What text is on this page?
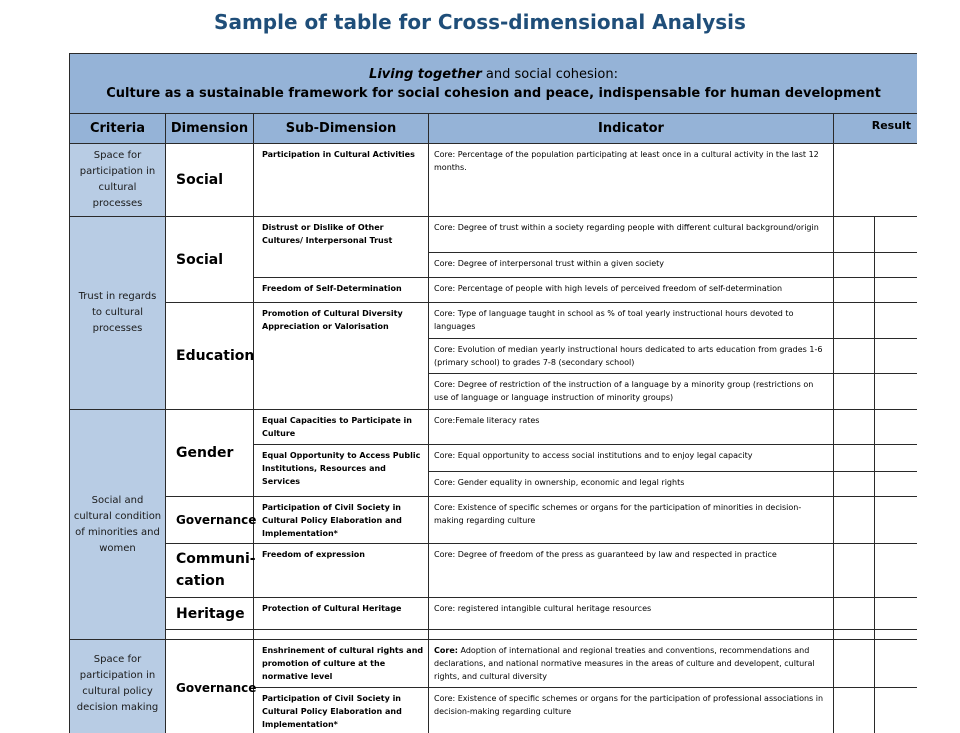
Sample of table for Cross-dimensional Analysis
Living together and social cohesion:
Culture as a sustainable framework for social cohesion and peace, indispensable for human development					
Criteria	Dimension	Sub-Dimension	Indicator	Result	
Space for participation in cultural processes	Social	Participation in Cultural Activities	Core: Percentage of the population participating at least once in a cultural activity in the last 12 months.		
Trust in regards to cultural processes	Social	Distrust or Dislike of Other Cultures/ Interpersonal Trust	Core: Degree of trust within a society regarding people with different cultural background/origin		
			Core: Degree of interpersonal trust within a given society		
		Freedom of Self-Determination	Core: Percentage of people with high levels of perceived freedom of self-determination		
	Education	Promotion of Cultural Diversity Appreciation or Valorisation	Core: Type of language taught in school as % of toal yearly instructional hours devoted to languages		
			Core: Evolution of median yearly instructional hours dedicated to arts education from grades 1-6 (primary school) to grades 7-8 (secondary school)		
			Core: Degree of restriction of the instruction of a language by a minority group (restrictions on use of language or language instruction of minority groups)		
Social and cultural condition of minorities and women	Gender	Equal Capacities to Participate in Culture	Core:Female literacy rates		
		Equal Opportunity to Access Public Institutions, Resources and Services	Core: Equal opportunity to access social institutions and to enjoy legal capacity		
			Core: Gender equality in ownership, economic and legal rights		
	Governance	Participation of Civil Society in Cultural Policy Elaboration and Implementation*	Core: Existence of specific schemes or organs for the participation of minorities in decision-making regarding culture		
	Communi-cation	Freedom of expression	Core: Degree of freedom of the press as guaranteed by law and respected in practice		
	Heritage	Protection of Cultural Heritage	Core: registered intangible cultural heritage resources		

Space for participation in cultural policy decision making	Governance	Enshrinement of cultural rights and promotion of culture at the normative level	Core: Adoption of international and regional treaties and conventions, recommendations and declarations, and national normative measures in the areas of culture and developent, cultural rights, and cultural diversity		
		Participation of Civil Society in Cultural Policy Elaboration and Implementation*	Core: Existence of specific schemes or organs for the participation of professional associations in decision-making regarding culture		
